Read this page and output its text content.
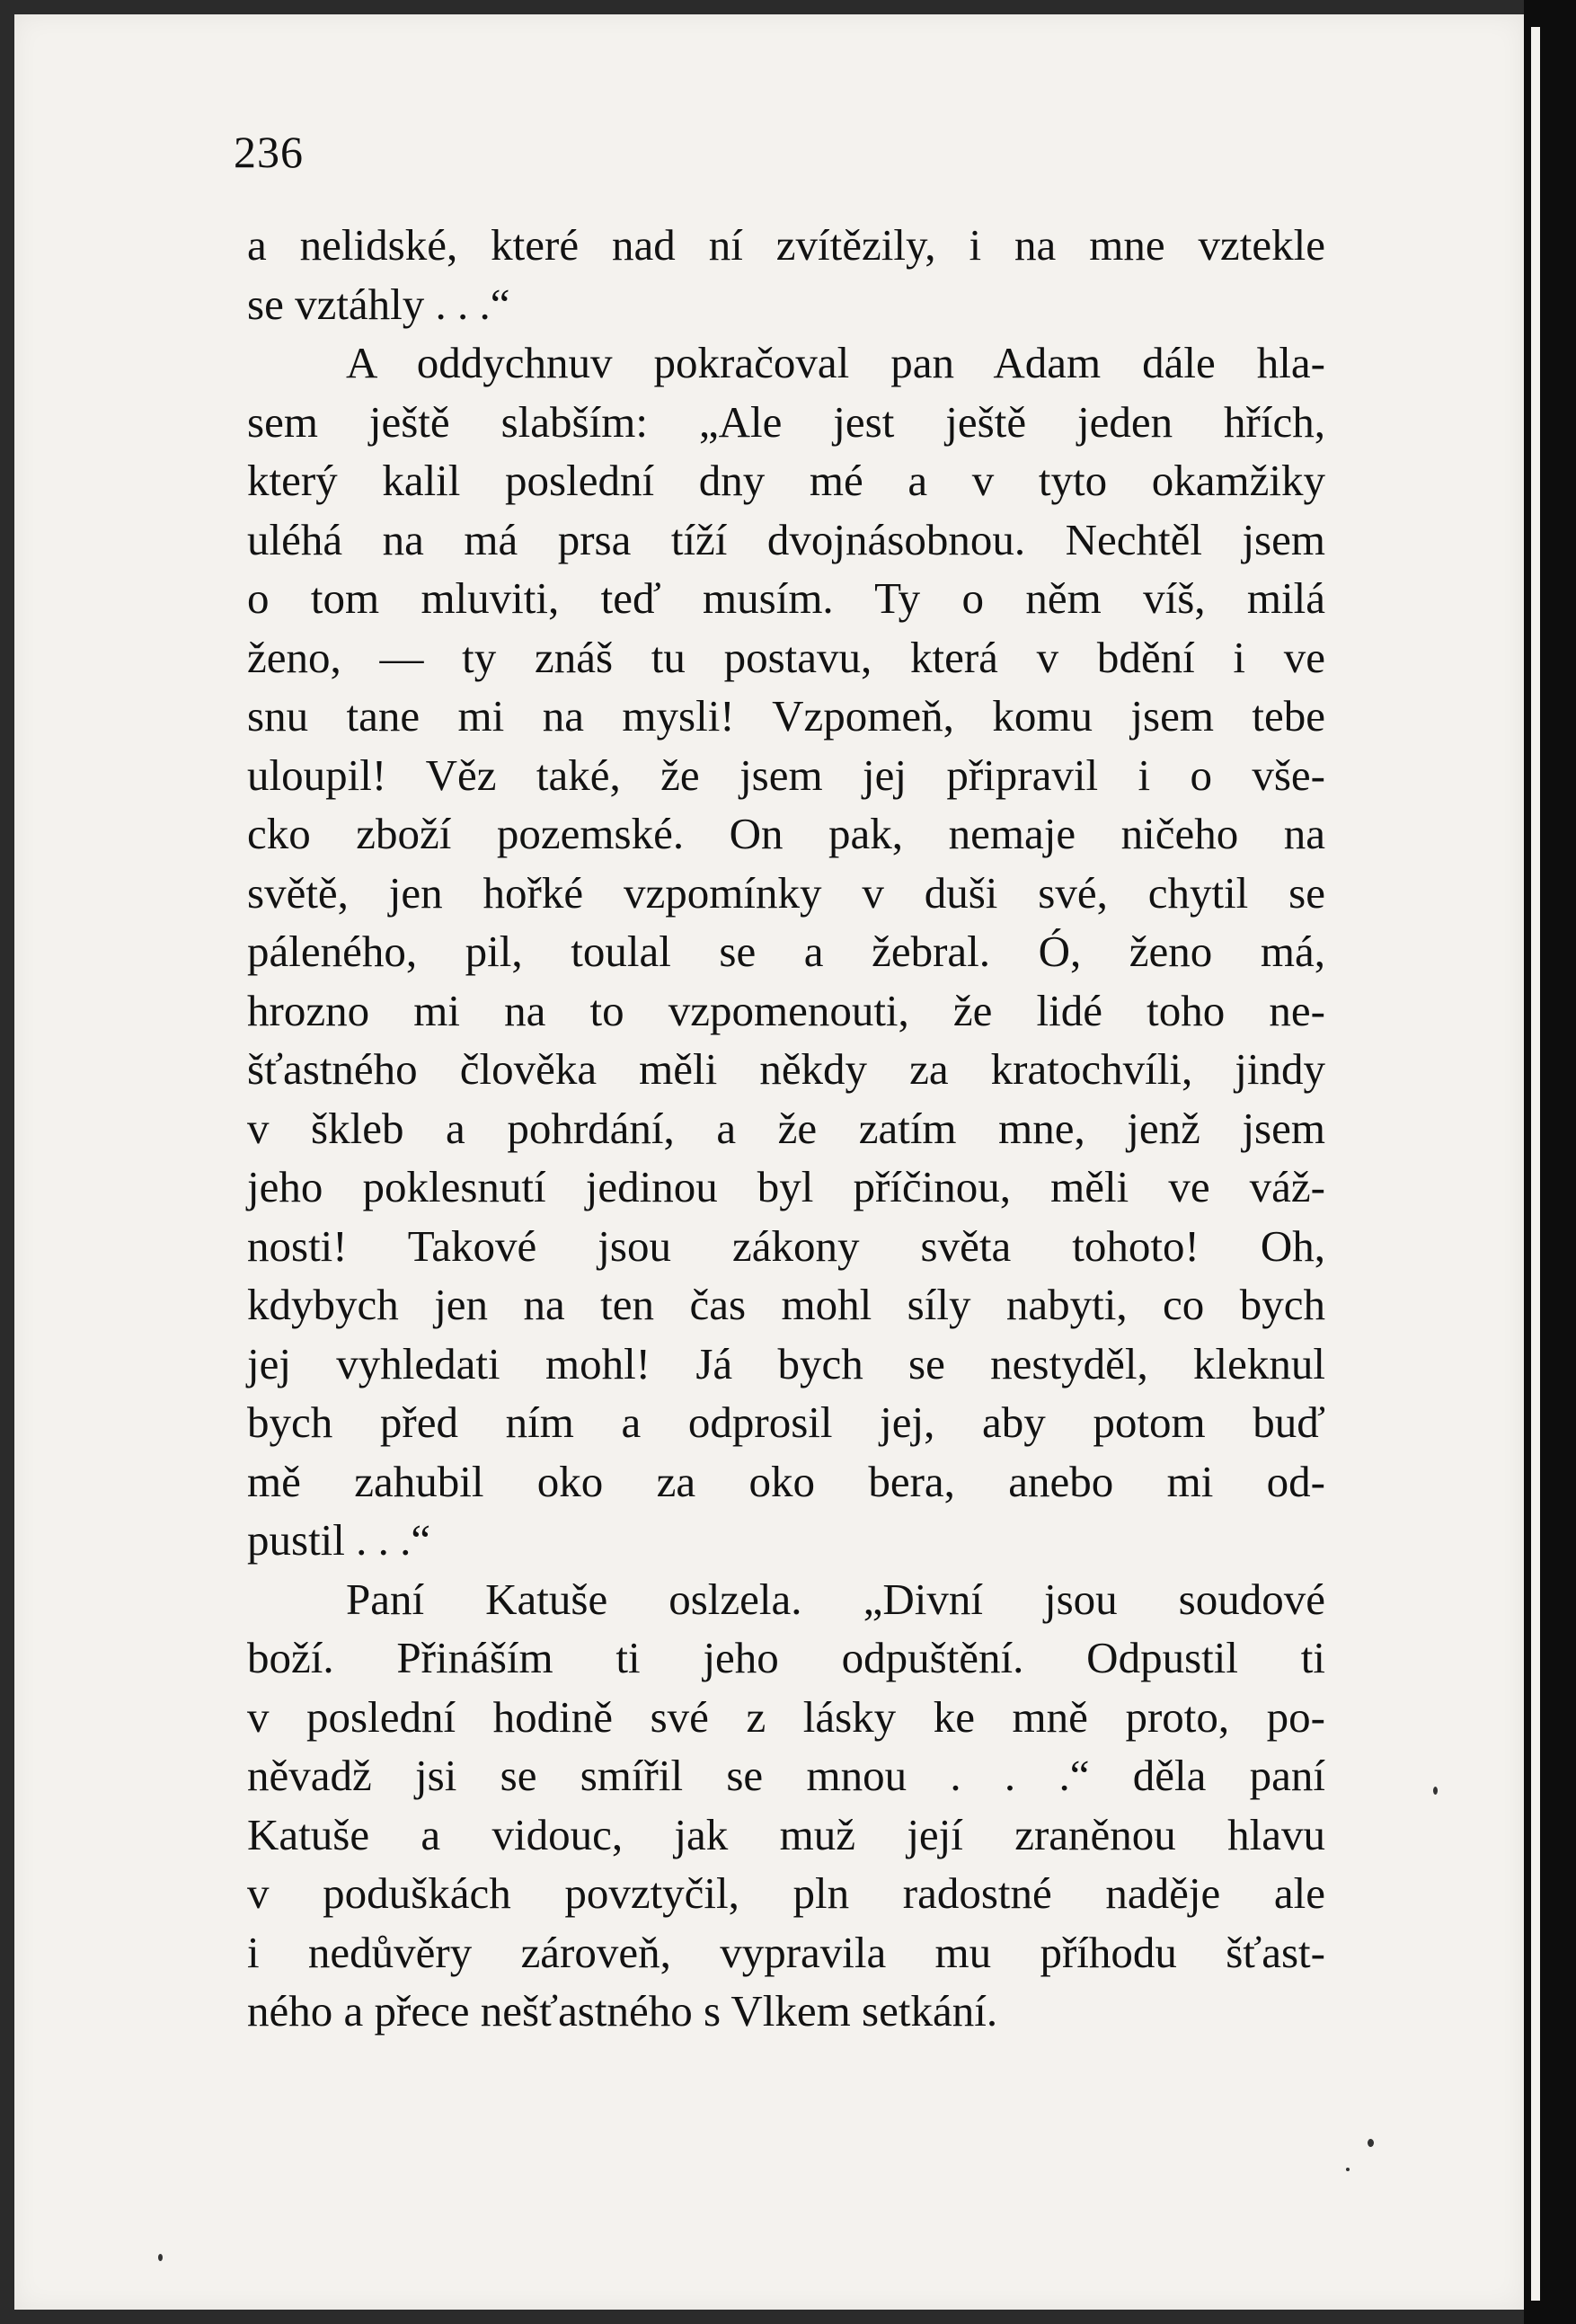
236
a nelidské, které nad ní zvítězily, i na mne vztekle
se vztáhly . . .“
A oddychnuv pokračoval pan Adam dále hla-
sem ještě slabším: „Ale jest ještě jeden hřích,
který kalil poslední dny mé a v tyto okamžiky
uléhá na má prsa tíží dvojnásobnou. Nechtěl jsem
o tom mluviti, teď musím. Ty o něm víš, milá
ženo, — ty znáš tu postavu, která v bdění i ve
snu tane mi na mysli! Vzpomeň, komu jsem tebe
uloupil! Věz také, že jsem jej připravil i o vše-
cko zboží pozemské. On pak, nemaje ničeho na
světě, jen hořké vzpomínky v duši své, chytil se
páleného, pil, toulal se a žebral. Ó, ženo má,
hrozno mi na to vzpomenouti, že lidé toho ne-
šťastného člověka měli někdy za kratochvíli, jindy
v škleb a pohrdání, a že zatím mne, jenž jsem
jeho poklesnutí jedinou byl příčinou, měli ve váž-
nosti! Takové jsou zákony světa tohoto! Oh,
kdybych jen na ten čas mohl síly nabyti, co bych
jej vyhledati mohl! Já bych se nestyděl, kleknul
bych před ním a odprosil jej, aby potom buď
mě zahubil oko za oko bera, anebo mi od-
pustil . . .“
Paní Katuše oslzela. „Divní jsou soudové
boží. Přináším ti jeho odpuštění. Odpustil ti
v poslední hodině své z lásky ke mně proto, po-
něvadž jsi se smířil se mnou . . .“ děla paní
Katuše a vidouc, jak muž její zraněnou hlavu
v poduškách povztyčil, pln radostné naděje ale
i nedůvěry zároveň, vypravila mu příhodu šťast-
ného a přece nešťastného s Vlkem setkání.
